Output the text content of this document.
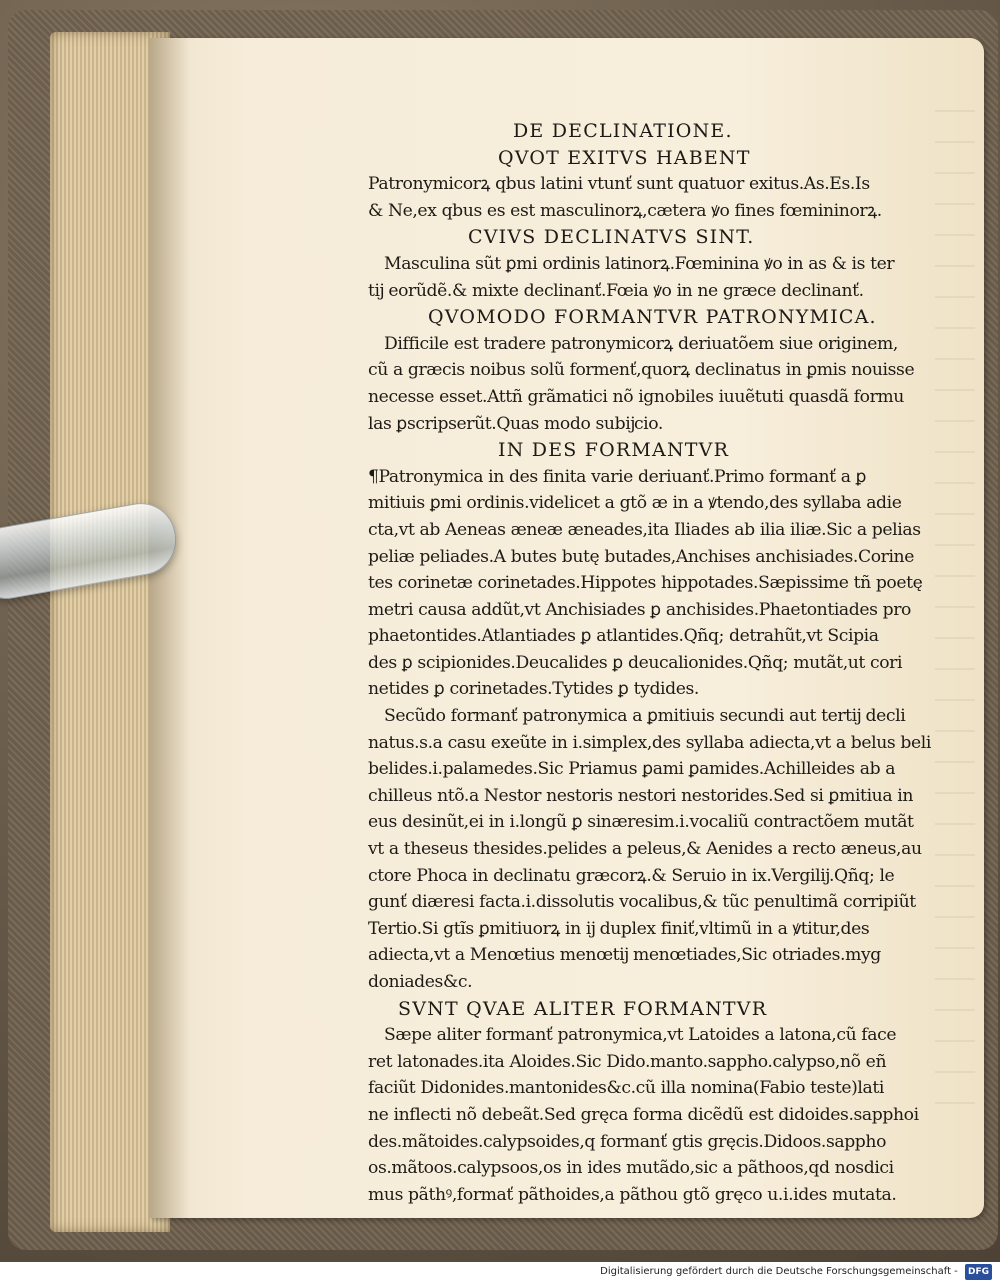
DE DECLINATIONE.
QVOT EXITVS HABENT
Patronymicorꝝ qbus latini vtunť sunt quatuor exitus.As.Es.Is
& Ne,ex qbus es est masculinorꝝ,cætera ꝟo fines fœmininorꝝ.
CVIVS DECLINATVS SINT.
Masculina sũt ꝑmi ordinis latinorꝝ.Fœminina ꝟo in as & is ter
tĳ eorũdẽ.& mixte declinanť.Fœia ꝟo in ne græce declinanť.
QVOMODO FORMANTVR PATRONYMICA.
Difficile est tradere patronymicorꝝ deriuatõem siue originem,
cũ a græcis noibus solũ formenť,quorꝝ declinatus in ꝑmis nouisse
necesse esset.Attñ grãmatici nõ ignobiles iuuẽtuti quasdã formu
las ꝑscripserũt.Quas modo subĳcio.
IN DES FORMANTVR
¶Patronymica in des finita varie deriuanť.Primo formanť a ꝑ
mitiuis ꝑmi ordinis.videlicet a gtõ æ in a ꝟtendo,des syllaba adie
cta,vt ab Aeneas æneæ æneades,ita Iliades ab ilia iliæ.Sic a pelias
peliæ peliades.A butes butę butades,Anchises anchisiades.Corine
tes corinetæ corinetades.Hippotes hippotades.Sæpissime tñ poetę
metri causa addũt,vt Anchisiades ꝑ anchisides.Phaetontiades pro
phaetontides.Atlantiades ꝑ atlantides.Qñq; detrahũt,vt Scipia
des ꝑ scipionides.Deucalides ꝑ deucalionides.Qñq; mutãt,ut cori
netides ꝑ corinetades.Tytides ꝑ tydides.
Secũdo formanť patronymica a ꝑmitiuis secundi aut tertĳ decli
natus.s.a casu exeũte in i.simplex,des syllaba adiecta,vt a belus beli
belides.i.palamedes.Sic Priamus ꝑami ꝑamides.Achilleides ab a
chilleus ntõ.a Nestor nestoris nestori nestorides.Sed si ꝑmitiua in
eus desinũt,ei in i.longũ ꝑ sinæresim.i.vocaliũ contractõem mutãt
vt a theseus thesides.pelides a peleus,& Aenides a recto æneus,au
ctore Phoca in declinatu græcorꝝ.& Seruio in ix.Vergilĳ.Qñq; le
gunť diæresi facta.i.dissolutis vocalibus,& tũc penultimã corripiũt
Tertio.Si gtĩs ꝑmitiuorꝝ in ĳ duplex finiť,vltimũ in a ꝟtitur,des
adiecta,vt a Menœtius menœtĳ menœtiades,Sic otriades.myg
doniades&c.
SVNT QVAE ALITER FORMANTVR
Sæpe aliter formanť patronymica,vt Latoides a latona,cũ face
ret latonades.ita Aloides.Sic Dido.manto.sappho.calypso,nõ eñ
faciũt Didonides.mantonides&c.cũ illa nomina(Fabio teste)lati
ne inflecti nõ debeãt.Sed gręca forma dicẽdũ est didoides.sapphoi
des.mãtoides.calypsoides,q formanť gtis gręcis.Didoos.sappho
os.mãtoos.calypsoos,os in ides mutãdo,sic a pãthoos,qd nosdici
mus pãthꝰ,formať pãthoides,a pãthou gtõ gręco u.i.ides mutata.
Digitalisierung gefördert durch die Deutsche Forschungsgemeinschaft - DFG
